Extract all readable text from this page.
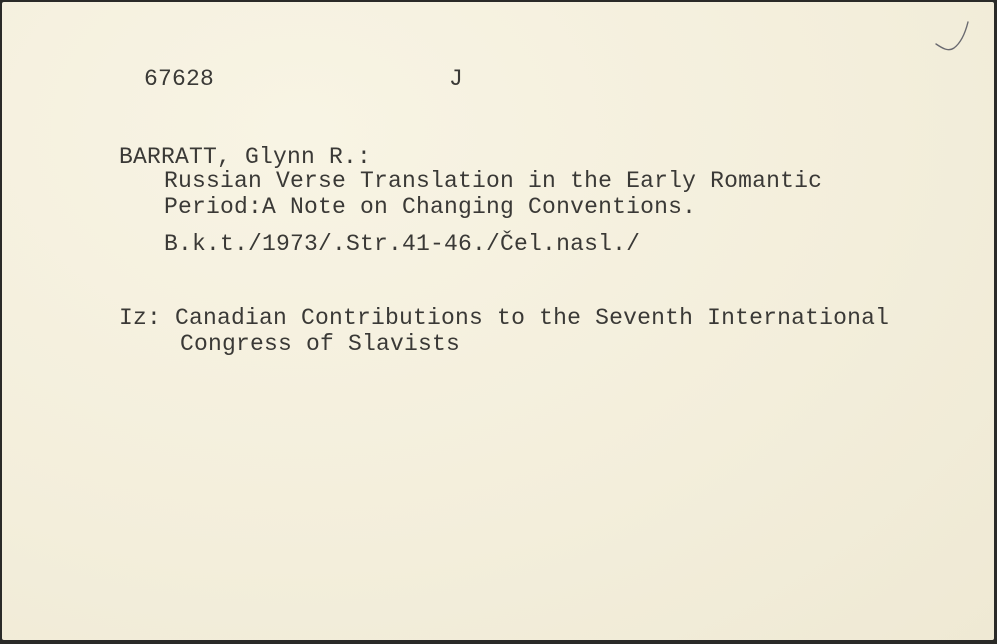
67628	J
BARRATT, Glynn R.:
Russian Verse Translation in the Early Romantic
Period:A Note on Changing Conventions.
B.k.t./1973/.Str.41-46./Čel.nasl./
Iz: Canadian Contributions to the Seventh International
Congress of Slavists
